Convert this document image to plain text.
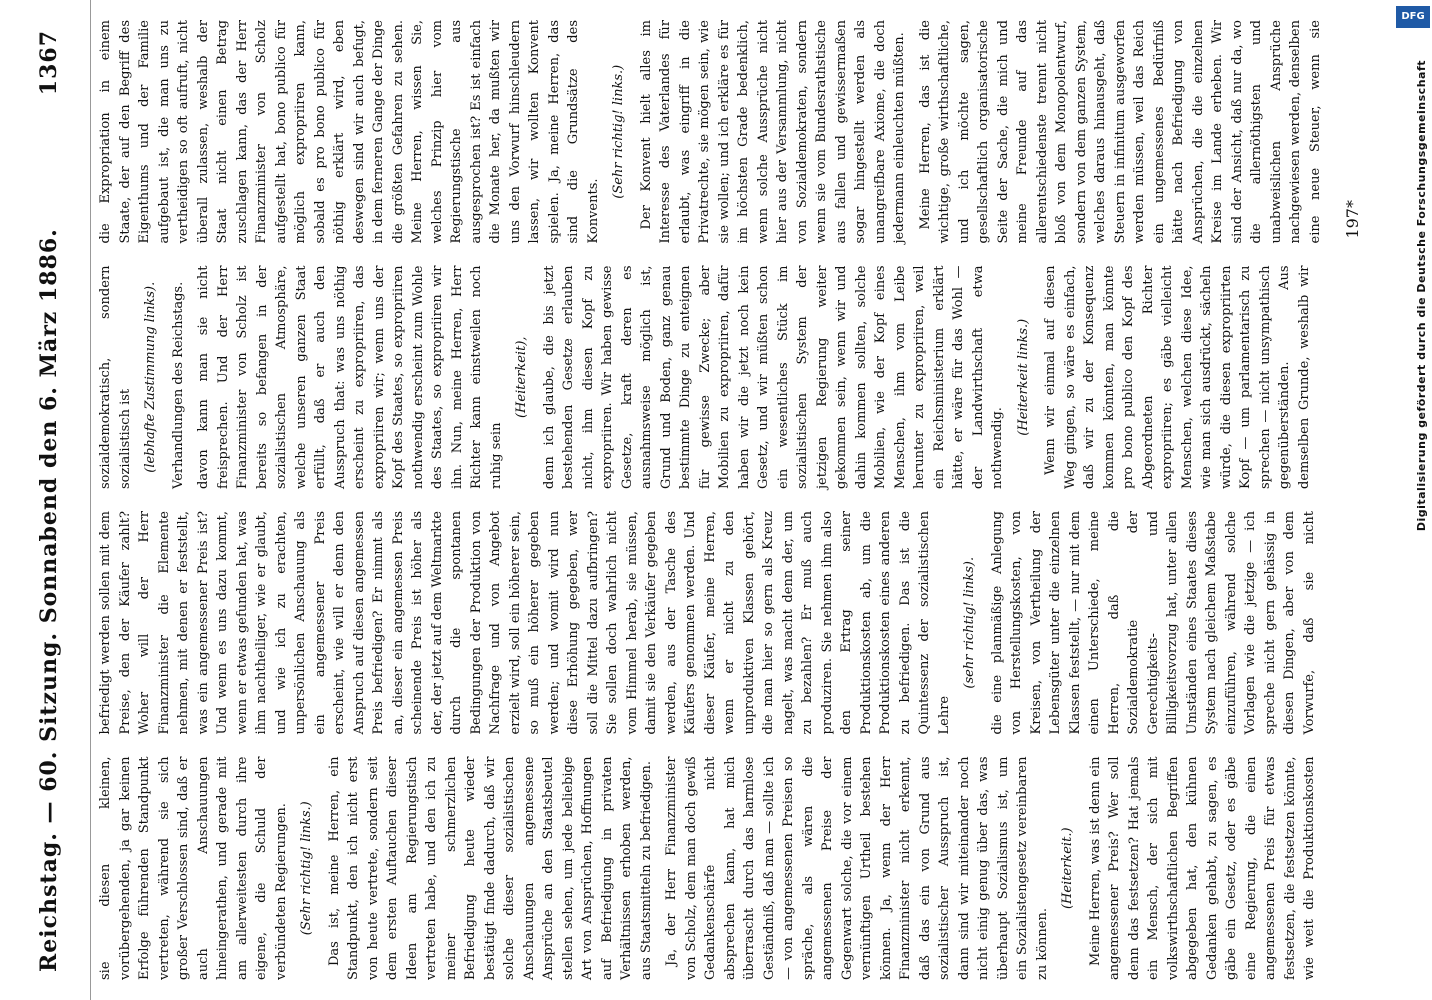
Reichstag. — 60. Sitzung. Sonnabend den 6. März 1886.
1367

sie diesen kleinen, vorübergehenden, ja gar keinen Erfolge führenden Standpunkt vertreten, während sie sich großer Verschlossen sind, daß er auch Anschauungen hineingerathen, und gerade mit am allerweitesten durch ihre eigene, die Schuld der verbündeten Regierungen. (Sehr richtig! links.) Das ist, meine Herren, ein Standpunkt, den ich nicht erst von heute vertrete, sondern seit dem ersten Auftauchen dieser Ideen am Regierungstisch vertreten habe, und den ich zu meiner schmerzlichen Befriedigung heute wieder bestätigt finde dadurch, daß wir solche dieser sozialistischen Anschauungen angemessene Ansprüche an den Staatsbeutel stellen sehen, um jede beliebige Art von Ansprüchen, Hoffnungen auf Befriedigung in privaten Verhältnissen erhoben werden, aus Staatsmitteln zu befriedigen. Ja, der Herr Finanzminister von Scholz, dem man doch gewiß Gedankenschärfe nicht absprechen kann, hat mich überrascht durch das harmlose Geständniß, daß man — sollte ich — von angemessenen Preisen so spräche, als wären die angemessenen Preise der Gegenwart solche, die vor einem vernünftigen Urtheil bestehen können. Ja, wenn der Herr Finanzminister nicht erkennt, daß das ein von Grund aus sozialistischer Ausspruch ist, dann sind wir miteinander noch nicht einig genug über das, was überhaupt Sozialismus ist, um ein Sozialistengesetz vereinbaren zu können.

(Heiterkeit.) Meine Herren, was ist denn ein angemessener Preis? Wer soll denn das festsetzen? Hat jemals ein Mensch, der sich mit volkswirthschaftlichen Begriffen abgegeben hat, den kühnen Gedanken gehabt, zu sagen, es gäbe ein Gesetz, oder es gäbe eine Regierung, die einen angemessenen Preis für etwas festsetzen, die festsetzen könnte, wie weit die Produktionskosten befriedigt werden sollen mit dem Preise, den der Käufer zahlt? Woher will der Herr Finanzminister die Elemente nehmen, mit denen er feststellt, was ein angemessener Preis ist? Und wenn es uns dazu kommt, wenn er etwas gefunden hat, was ihm nachtheiliger, wie er glaubt, und wie ich zu erachten, unpersönlichen Anschauung als ein angemessener Preis erscheint, wie will er denn den Anspruch auf diesen angemessen Preis befriedigen? Er nimmt als an, dieser ein angemessen Preis scheinende Preis ist höher als der, der jetzt auf dem Weltmarkte durch die spontanen Bedingungen der Produktion von Nachfrage und von Angebot erzielt wird, soll ein höherer sein, so muß ein höherer gegeben werden; und womit wird nun diese Erhöhung gegeben, wer soll die Mittel dazu aufbringen? Sie sollen doch wahrlich nicht vom Himmel herab, sie müssen, damit sie den Verkäufer gegeben werden, aus der Tasche des Käufers genommen werden. Und dieser Käufer, meine Herren, wenn er nicht zu den unproduktiven Klassen gehört, die man hier so gern als Kreuz nagelt, was macht denn der, um zu bezahlen? Er muß auch produziren. Sie nehmen ihm also den Ertrag seiner Produktionskosten ab, um die Produktionskosten eines anderen zu befriedigen. Das ist die Quintessenz der sozialistischen Lehre

(sehr richtig! links). die eine planmäßige Anlegung von Herstellungskosten, von Kreisen, von Vertheilung der Lebensgüter unter die einzelnen Klassen feststellt, — nur mit dem einen Unterschiede, meine Herren, daß die Sozialdemokratie der Gerechtigkeits- und Billigkeitsvorzug hat, unter allen Umständen eines Staates dieses System nach gleichem Maßstabe einzuführen, während solche Vorlagen wie die jetzige — ich spreche nicht gern gehässig in diesen Dingen, aber von dem Vorwurfe, daß sie nicht sozialdemokratisch, sondern sozialistisch ist (lebhafte Zustimmung links). Verhandlungen des Reichstags. davon kann man sie nicht freisprechen. Und der Herr Finanzminister von Scholz ist bereits so befangen in der sozialistischen Atmosphäre, welche unseren ganzen Staat erfüllt, daß er auch den Ausspruch that: was uns nöthig erscheint zu expropriiren, das expropriiren wir; wenn uns der Kopf des Staates, so expropriiren nothwendig erscheint zum Wohle des Staates, so expropriiren wir ihn. Nun, meine Herren, Herr Richter kann einstweilen noch ruhig sein

(Heiterkeit), denn ich glaube, die bis jetzt bestehenden Gesetze erlauben nicht, ihm diesen Kopf zu expropriiren. Wir haben gewisse Gesetze, kraft deren es ausnahmsweise möglich ist, Grund und Boden, ganz genau bestimmte Dinge zu enteignen für gewisse Zwecke; aber Mobilien zu expropriiren, dafür haben wir die jetzt noch kein Gesetz, und wir müßten schon ein wesentliches Stück im sozialistischen System der jetzigen Regierung weiter gekommen sein, wenn wir und dahin kommen sollten, solche Mobilien, wie der Kopf eines Menschen, ihm vom Leibe herunter zu expropriiren, weil ein Reichsministerium erklärt hätte, er wäre für das Wohl — der Landwirthschaft etwa nothwendig.

(Heiterkeit links.) Wenn wir einmal auf diesen Weg gingen, so wäre es einfach, daß wir zu der Konsequenz kommen könnten, man könnte pro bono publico den Kopf des Abgeordneten Richter expropriiren; es gäbe vielleicht Menschen, welchen diese Idee, wie man sich ausdrückt, sächeln würde, die diesen expropriirten Kopf — um parlamentarisch zu sprechen — nicht unsympathisch gegenüberständen. Aus demselben Grunde, weshalb wir die Expropriation in einem Staate, der auf den Begriff des Eigenthums und der Familie aufgebaut ist, die man uns zu vertheidigen so oft aufruft, nicht überall zulassen, weshalb der Staat nicht einen Betrag zuschlagen kann, das der Herr Finanzminister von Scholz aufgestellt hat, bono publico für möglich expropriiren kann, sobald es pro bono publico für nöthig erklärt wird, eben deswegen sind wir auch befugt, in dem ferneren Gange der Dinge die größten Gefahren zu sehen. Meine Herren, wissen Sie, welches Prinzip hier vom Regierungstische aus ausgesprochen ist? Es ist einfach die Monate her, da mußten wir uns den Vorwurf hinschleudern lassen, wir wollten Konvent spielen. Ja, meine Herren, das sind die Grundsätze des Konvents.

(Sehr richtig! links.) Der Konvent hielt alles im Interesse des Vaterlandes für erlaubt, was eingriff in die Privatrechte, sie mögen sein, wie sie wollen; und ich erkläre es für im höchsten Grade bedenklich, wenn solche Aussprüche nicht hier aus der Versammlung, nicht von Sozialdemokraten, sondern wenn sie vom Bundesrathstische aus fallen und gewissermaßen sogar hingestellt werden als unangreifbare Axiome, die doch jedermann einleuchten müßten. Meine Herren, das ist die wichtige, große wirthschaftliche, und ich möchte sagen, gesellschaftlich organisatorische Seite der Sache, die mich und meine Freunde auf das allerentschiedenste trennt nicht bloß von dem Monopolentwurf, sondern von dem ganzen System, welches daraus hinausgeht, daß Steuern in infinitum ausgeworfen werden müssen, weil das Reich ein ungemessenes Bedürfniß hätte nach Befriedigung von Ansprüchen, die die einzelnen Kreise im Lande erheben. Wir sind der Ansicht, daß nur da, wo die allernöthigsten und unabweislichen Ansprüche nachgewiesen werden, denselben eine neue Steuer, wenn sie

197*
DFG
Digitalisierung gefördert durch die Deutsche Forschungsgemeinschaft
